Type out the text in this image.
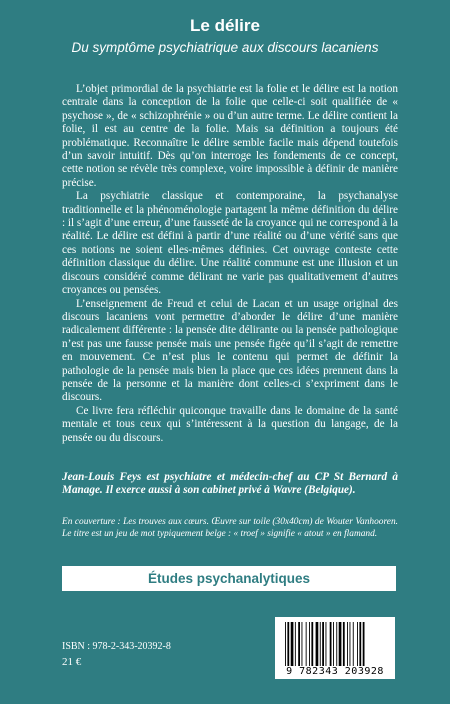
Le délire
Du symptôme psychiatrique aux discours lacaniens

L’objet primordial de la psychiatrie est la folie et le délire est la notion centrale dans la conception de la folie que celle-ci soit qualifiée de « psychose », de « schizophrénie » ou d’un autre terme. Le délire contient la folie, il est au centre de la folie. Mais sa définition a toujours été problématique. Reconnaître le délire semble facile mais dépend toutefois d’un savoir intuitif. Dès qu’on interroge les fondements de ce concept, cette notion se révèle très complexe, voire impossible à définir de manière précise.

La psychiatrie classique et contemporaine, la psychanalyse traditionnelle et la phénoménologie partagent la même définition du délire : il s’agit d’une erreur, d’une fausseté de la croyance qui ne correspond à la réalité. Le délire est défini à partir d’une réalité ou d’une vérité sans que ces notions ne soient elles-mêmes définies. Cet ouvrage conteste cette définition classique du délire. Une réalité commune est une illusion et un discours considéré comme délirant ne varie pas qualitativement d’autres croyances ou pensées.

L’enseignement de Freud et celui de Lacan et un usage original des discours lacaniens vont permettre d’aborder le délire d’une manière radicalement différente : la pensée dite délirante ou la pensée pathologique n’est pas une fausse pensée mais une pensée figée qu’il s’agit de remettre en mouvement. Ce n’est plus le contenu qui permet de définir la pathologie de la pensée mais bien la place que ces idées prennent dans la pensée de la personne et la manière dont celles-ci s’expriment dans le discours.

Ce livre fera réfléchir quiconque travaille dans le domaine de la santé mentale et tous ceux qui s’intéressent à la question du langage, de la pensée ou du discours.

Jean-Louis Feys est psychiatre et médecin-chef au CP St Bernard à Manage. Il exerce aussi à son cabinet privé à Wavre (Belgique).
En couverture : Les trouves aux cœurs. Œuvre sur toile (30x40cm) de Wouter Vanhooren. Le titre est un jeu de mot typiquement belge : « troef » signifie « atout » en flamand.
Études psychanalytiques
ISBN : 978-2-343-20392-8
21 €
9 782343 203928
